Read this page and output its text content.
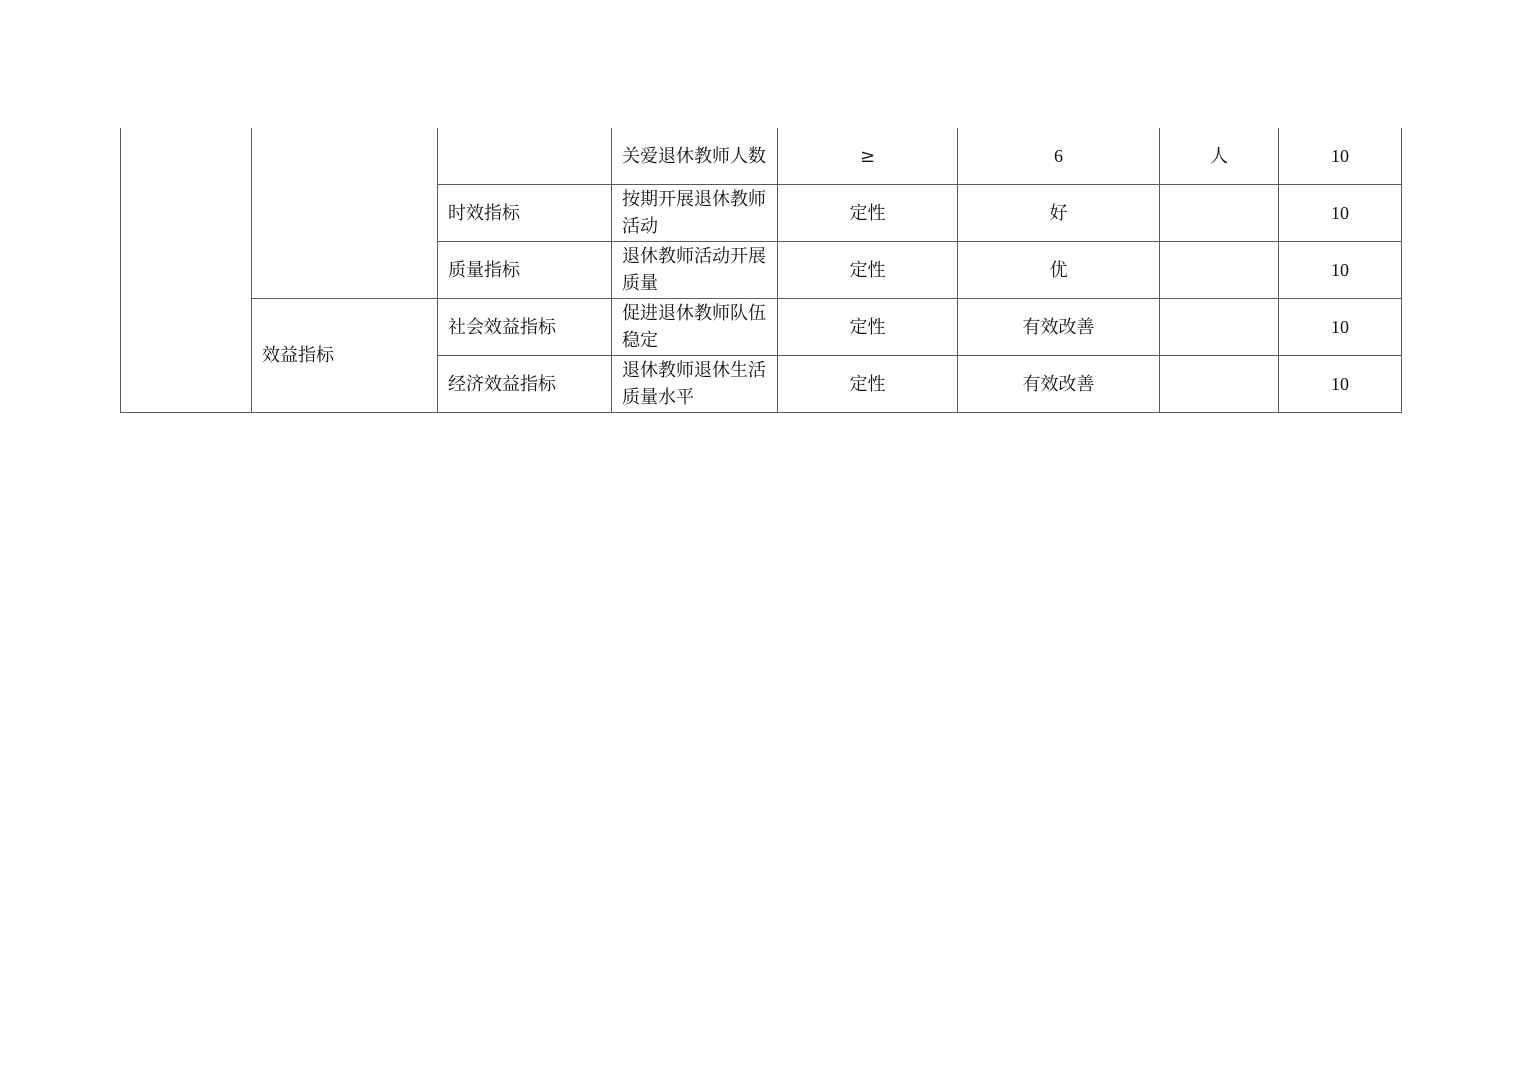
			关爱退休教师人数	≥	6	人	10
		时效指标	按期开展退休教师活动	定性	好		10
		质量指标	退休教师活动开展质量	定性	优		10
	效益指标	社会效益指标	促进退休教师队伍稳定	定性	有效改善		10
		经济效益指标	退休教师退休生活质量水平	定性	有效改善		10
